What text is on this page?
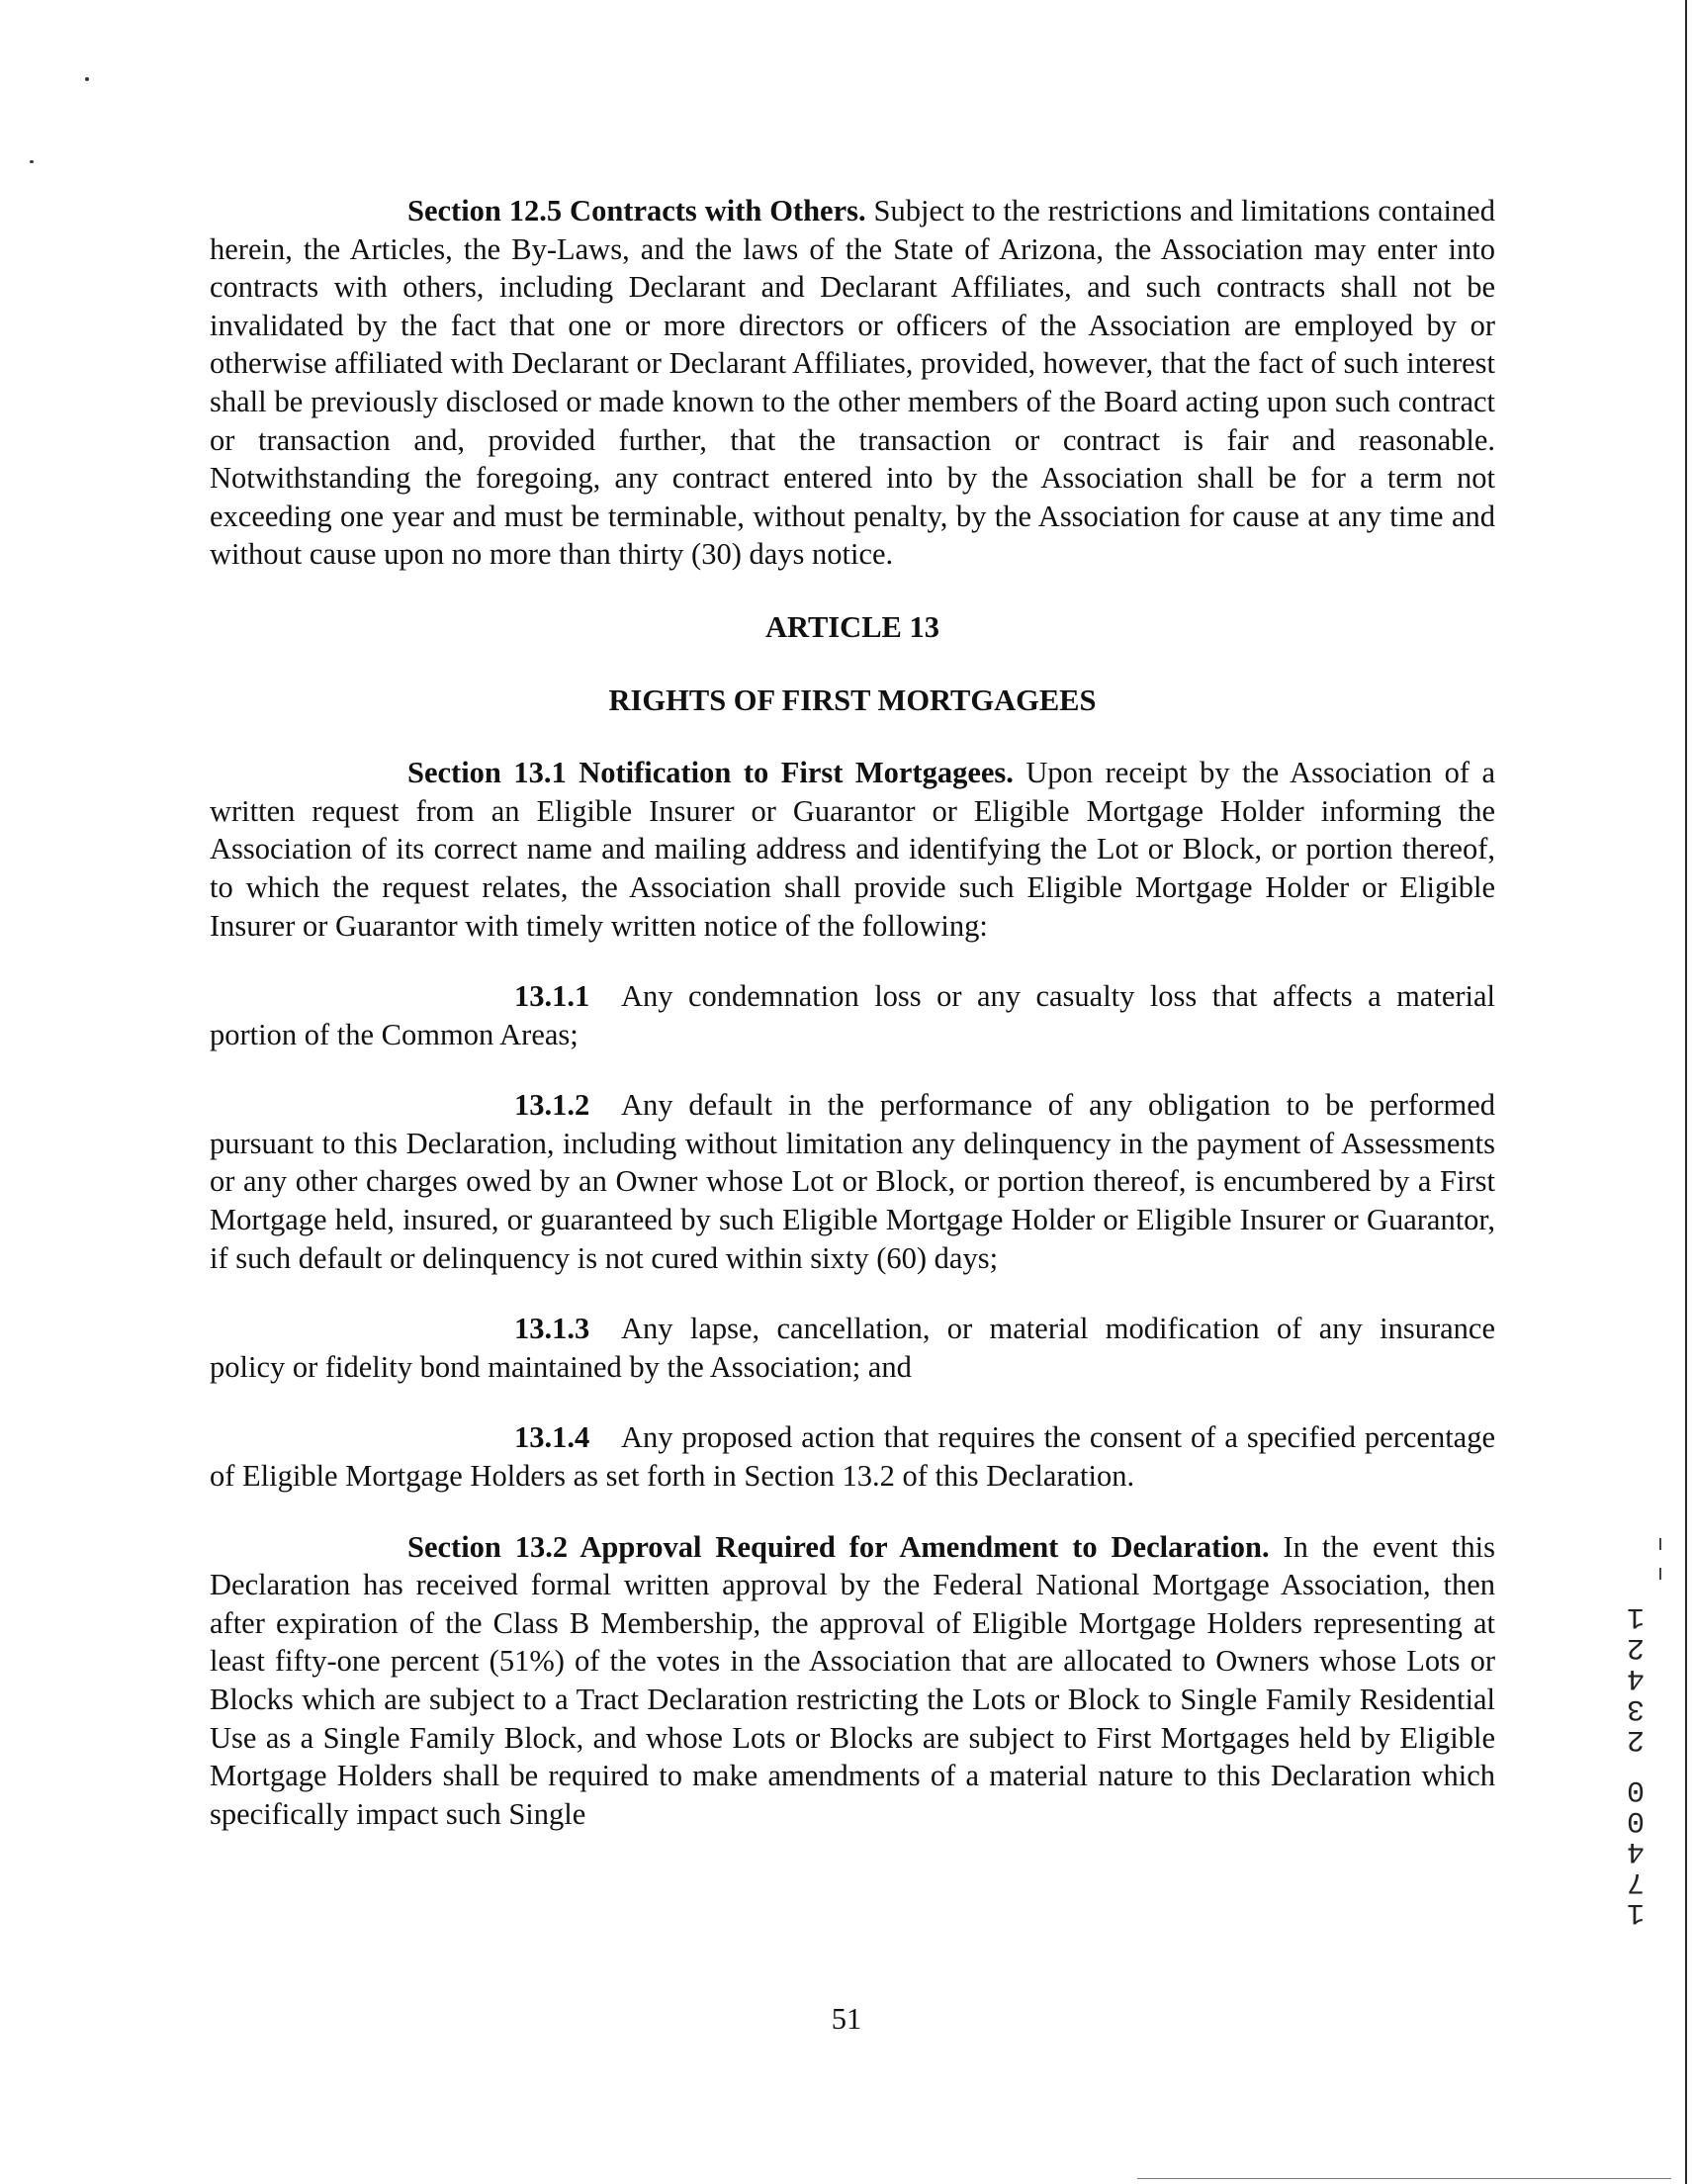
Section 12.5 Contracts with Others. Subject to the restrictions and limitations contained herein, the Articles, the By-Laws, and the laws of the State of Arizona, the Association may enter into contracts with others, including Declarant and Declarant Affiliates, and such contracts shall not be invalidated by the fact that one or more directors or officers of the Association are employed by or otherwise affiliated with Declarant or Declarant Affiliates, provided, however, that the fact of such interest shall be previously disclosed or made known to the other members of the Board acting upon such contract or transaction and, provided further, that the transaction or contract is fair and reasonable. Notwithstanding the foregoing, any contract entered into by the Association shall be for a term not exceeding one year and must be terminable, without penalty, by the Association for cause at any time and without cause upon no more than thirty (30) days notice.

ARTICLE 13

RIGHTS OF FIRST MORTGAGEES

Section 13.1 Notification to First Mortgagees. Upon receipt by the Association of a written request from an Eligible Insurer or Guarantor or Eligible Mortgage Holder informing the Association of its correct name and mailing address and identifying the Lot or Block, or portion thereof, to which the request relates, the Association shall provide such Eligible Mortgage Holder or Eligible Insurer or Guarantor with timely written notice of the following:

13.1.1 Any condemnation loss or any casualty loss that affects a material portion of the Common Areas;

13.1.2 Any default in the performance of any obligation to be performed pursuant to this Declaration, including without limitation any delinquency in the payment of Assessments or any other charges owed by an Owner whose Lot or Block, or portion thereof, is encumbered by a First Mortgage held, insured, or guaranteed by such Eligible Mortgage Holder or Eligible Insurer or Guarantor, if such default or delinquency is not cured within sixty (60) days;

13.1.3 Any lapse, cancellation, or material modification of any insurance policy or fidelity bond maintained by the Association; and

13.1.4 Any proposed action that requires the consent of a specified percentage of Eligible Mortgage Holders as set forth in Section 13.2 of this Declaration.

Section 13.2 Approval Required for Amendment to Declaration. In the event this Declaration has received formal written approval by the Federal National Mortgage Association, then after expiration of the Class B Membership, the approval of Eligible Mortgage Holders representing at least fifty-one percent (51%) of the votes in the Association that are allocated to Owners whose Lots or Blocks which are subject to a Tract Declaration restricting the Lots or Block to Single Family Residential Use as a Single Family Block, and whose Lots or Blocks are subject to First Mortgages held by Eligible Mortgage Holders shall be required to make amendments of a material nature to this Declaration which specifically impact such Single

51
1
2
4
3
2
0
0
4
7
1
